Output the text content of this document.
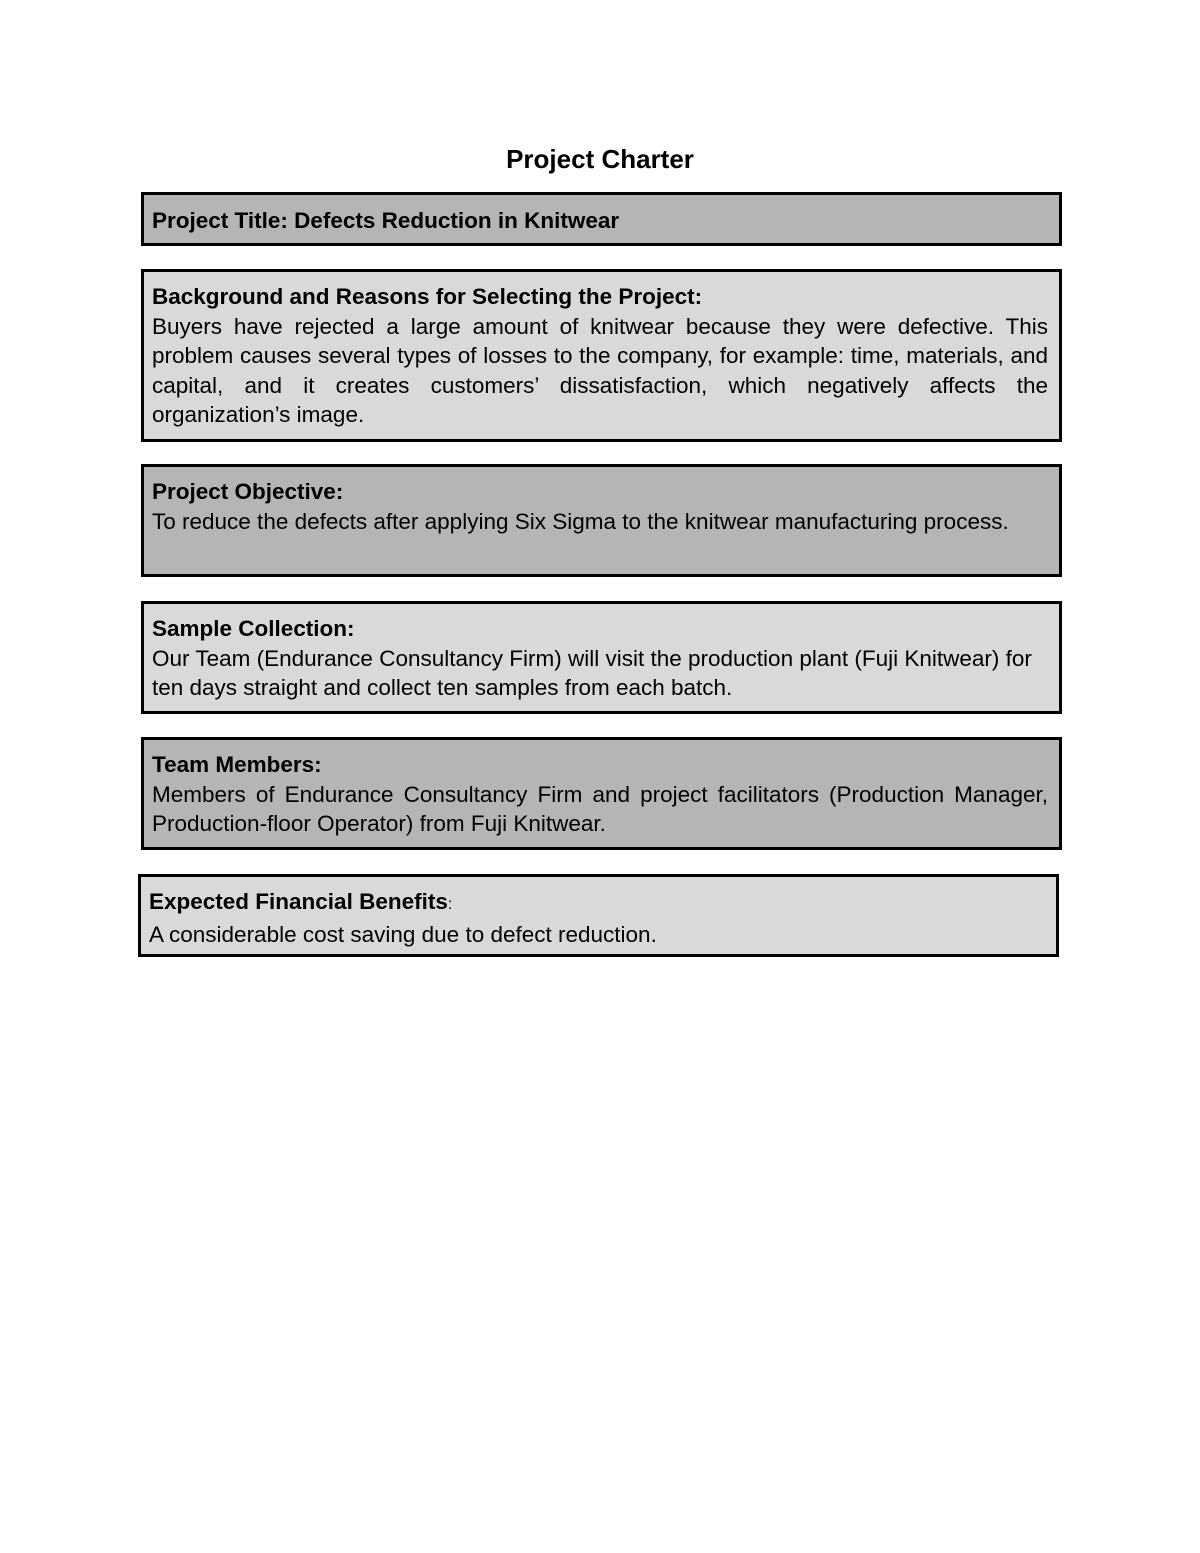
Project Charter
Project Title: Defects Reduction in Knitwear
Background and Reasons for Selecting the Project:
Buyers have rejected a large amount of knitwear because they were defective. This problem causes several types of losses to the company, for example: time, materials, and capital, and it creates customers’ dissatisfaction, which negatively affects the organization’s image.
Project Objective:
To reduce the defects after applying Six Sigma to the knitwear manufacturing process.
Sample Collection:
Our Team (Endurance Consultancy Firm) will visit the production plant (Fuji Knitwear) for ten days straight and collect ten samples from each batch.
Team Members:
Members of Endurance Consultancy Firm and project facilitators (Production Manager, Production-floor Operator) from Fuji Knitwear.
Expected Financial Benefits:
A considerable cost saving due to defect reduction.
